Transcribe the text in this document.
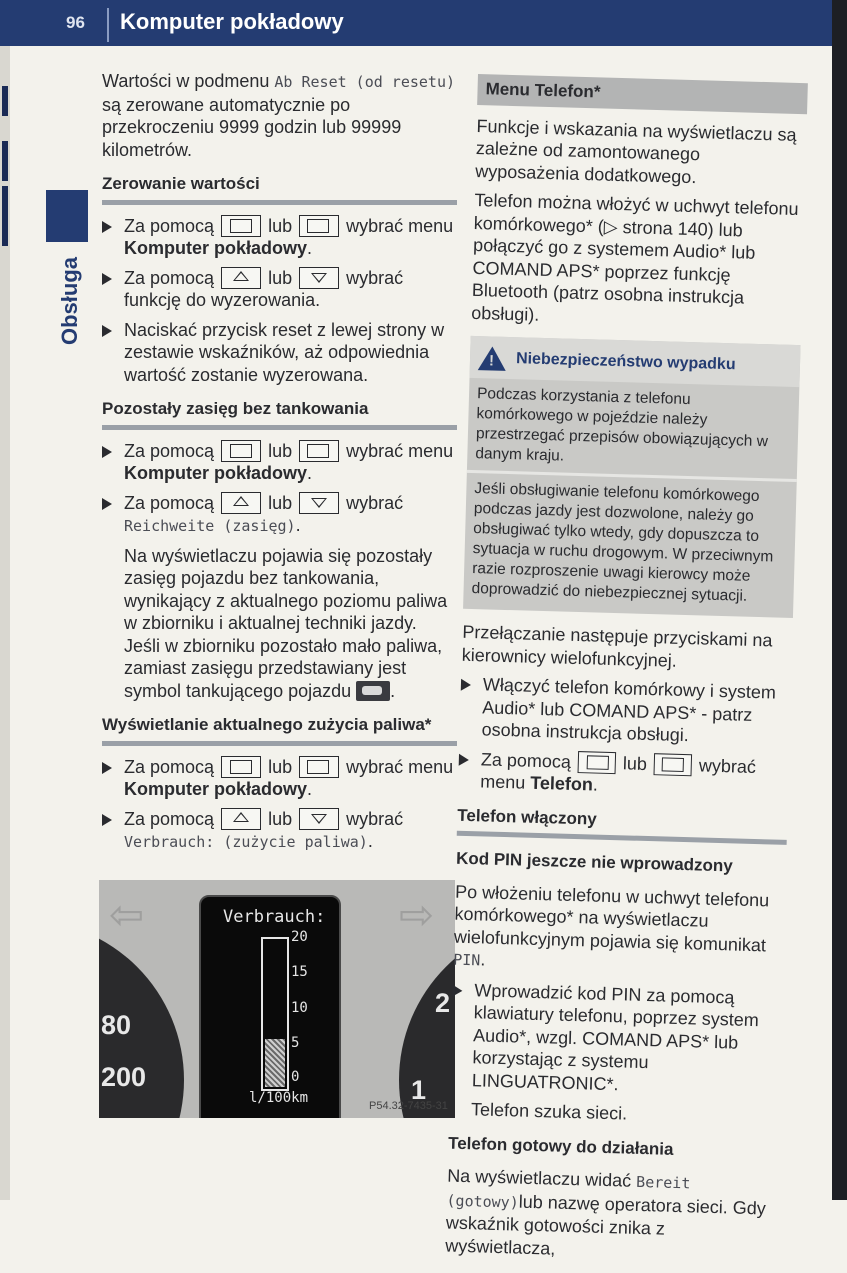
96 Komputer pokładowy
Obsługa

Wartości w podmenu Ab Reset (od resetu) są zerowane automatycznie po przekroczeniu 9999 godzin lub 99999 kilometrów.

Zerowanie wartości
Za pomocą	lub	wybrać menu Komputer pokładowy.
Za pomocą	lub	wybrać funkcję do wyzerowania.
Naciskać przycisk reset z lewej strony w zestawie wskaźników, aż odpowiednia wartość zostanie wyzerowana.
Pozostały zasięg bez tankowania
Za pomocą	lub	wybrać menu Komputer pokładowy.
Za pomocą	lub	wybrać Reichweite (zasięg).

Na wyświetlaczu pojawia się pozostały zasięg pojazdu bez tankowania, wynikający z aktualnego poziomu paliwa w zbiorniku i aktualnej techniki jazdy. Jeśli w zbiorniku pozostało mało paliwa, zamiast zasięgu przedstawiany jest symbol tankującego pojazdu .

Wyświetlanie aktualnego zużycia paliwa*
Za pomocą	lub	wybrać menu Komputer pokładowy.
Za pomocą	lub	wybrać Verbrauch: (zużycie paliwa).
⇦	⇨
80
200
2
1
Verbrauch:
20
15
10
5
0
l/100km	P54.32-7435-31
Menu Telefon*

Funkcje i wskazania na wyświetlaczu są zależne od zamontowanego wyposażenia dodatkowego.

Telefon można włożyć w uchwyt telefonu komórkowego* (▷ strona 140) lub połączyć go z systemem Audio* lub COMAND APS* poprzez funkcję Bluetooth (patrz osobna instrukcja obsługi).

!
Niebezpieczeństwo wypadku

Podczas korzystania z telefonu komórkowego w pojeździe należy przestrzegać przepisów obowiązujących w danym kraju.

Jeśli obsługiwanie telefonu komórkowego podczas jazdy jest dozwolone, należy go obsługiwać tylko wtedy, gdy dopuszcza to sytuacja w ruchu drogowym. W przeciwnym razie rozproszenie uwagi kierowcy może doprowadzić do niebezpiecznej sytuacji.

Przełączanie następuje przyciskami na kierownicy wielofunkcyjnej.

Włączyć telefon komórkowy i system Audio* lub COMAND APS* - patrz osobna instrukcja obsługi.
Za pomocą	lub	wybrać menu Telefon.
Telefon włączony
Kod PIN jeszcze nie wprowadzony

Po włożeniu telefonu w uchwyt telefonu komórkowego* na wyświetlaczu wielofunkcyjnym pojawia się komunikat PIN.

Wprowadzić kod PIN za pomocą klawiatury telefonu, poprzez system Audio*, wzgl. COMAND APS* lub korzystając z systemu LINGUATRONIC*.

Telefon szuka sieci.

Telefon gotowy do działania

Na wyświetlaczu widać Bereit (gotowy)lub nazwę operatora sieci. Gdy wskaźnik gotowości znika z wyświetlacza,
